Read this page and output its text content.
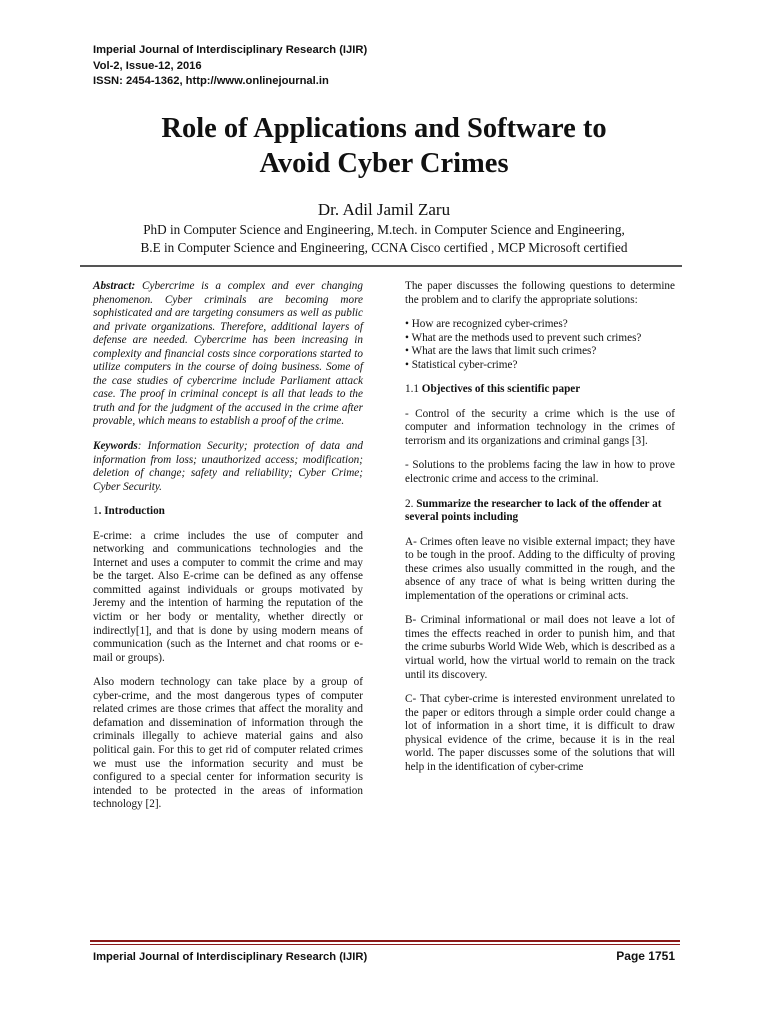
Imperial Journal of Interdisciplinary Research (IJIR)
Vol-2, Issue-12, 2016
ISSN: 2454-1362, http://www.onlinejournal.in
Role of Applications and Software to
Avoid Cyber Crimes
Dr. Adil Jamil Zaru
PhD in Computer Science and Engineering, M.tech. in Computer Science and Engineering,
B.E in Computer Science and Engineering, CCNA Cisco certified , MCP Microsoft certified

Abstract: Cybercrime is a complex and ever changing phenomenon. Cyber criminals are becoming more sophisticated and are targeting consumers as well as public and private organizations. Therefore, additional layers of defense are needed. Cybercrime has been increasing in complexity and financial costs since corporations started to utilize computers in the course of doing business. Some of the case studies of cybercrime include Parliament attack case. The proof in criminal concept is all that leads to the truth and for the judgment of the accused in the crime after provable, which means to establish a proof of the crime.

Keywords: Information Security; protection of data and information from loss; unauthorized access; modification; deletion of change; safety and reliability; Cyber Crime; Cyber Security.

1. Introduction

E-crime: a crime includes the use of computer and networking and communications technologies and the Internet and uses a computer to commit the crime and may be the target. Also E-crime can be defined as any offense committed against individuals or groups motivated by Jeremy and the intention of harming the reputation of the victim or her body or mentality, whether directly or indirectly[1], and that is done by using modern means of communication (such as the Internet and chat rooms or e-mail or groups).

Also modern technology can take place by a group of cyber-crime, and the most dangerous types of computer related crimes are those crimes that affect the morality and defamation and dissemination of information through the criminals illegally to achieve material gains and also political gain. For this to get rid of computer related crimes we must use the information security and must be configured to a special center for information security is intended to be protected in the areas of information technology [2].

The paper discusses the following questions to determine the problem and to clarify the appropriate solutions:

• How are recognized cyber-crimes?

• What are the methods used to prevent such crimes?

• What are the laws that limit such crimes?

• Statistical cyber-crime?

1.1 Objectives of this scientific paper

- Control of the security a crime which is the use of computer and information technology in the crimes of terrorism and its organizations and criminal gangs [3].

- Solutions to the problems facing the law in how to prove electronic crime and access to the criminal.

2. Summarize the researcher to lack of the offender at several points including

A- Crimes often leave no visible external impact; they have to be tough in the proof. Adding to the difficulty of proving these crimes also usually committed in the rough, and the absence of any trace of what is being written during the implementation of the operations or criminal acts.

B- Criminal informational or mail does not leave a lot of times the effects reached in order to punish him, and that the crime suburbs World Wide Web, which is described as a virtual world, how the virtual world to remain on the track until its discovery.

C- That cyber-crime is interested environment unrelated to the paper or editors through a simple order could change a lot of information in a short time, it is difficult to draw physical evidence of the crime, because it is in the real world. The paper discusses some of the solutions that will help in the identification of cyber-crime

Imperial Journal of Interdisciplinary Research (IJIR)	Page 1751
